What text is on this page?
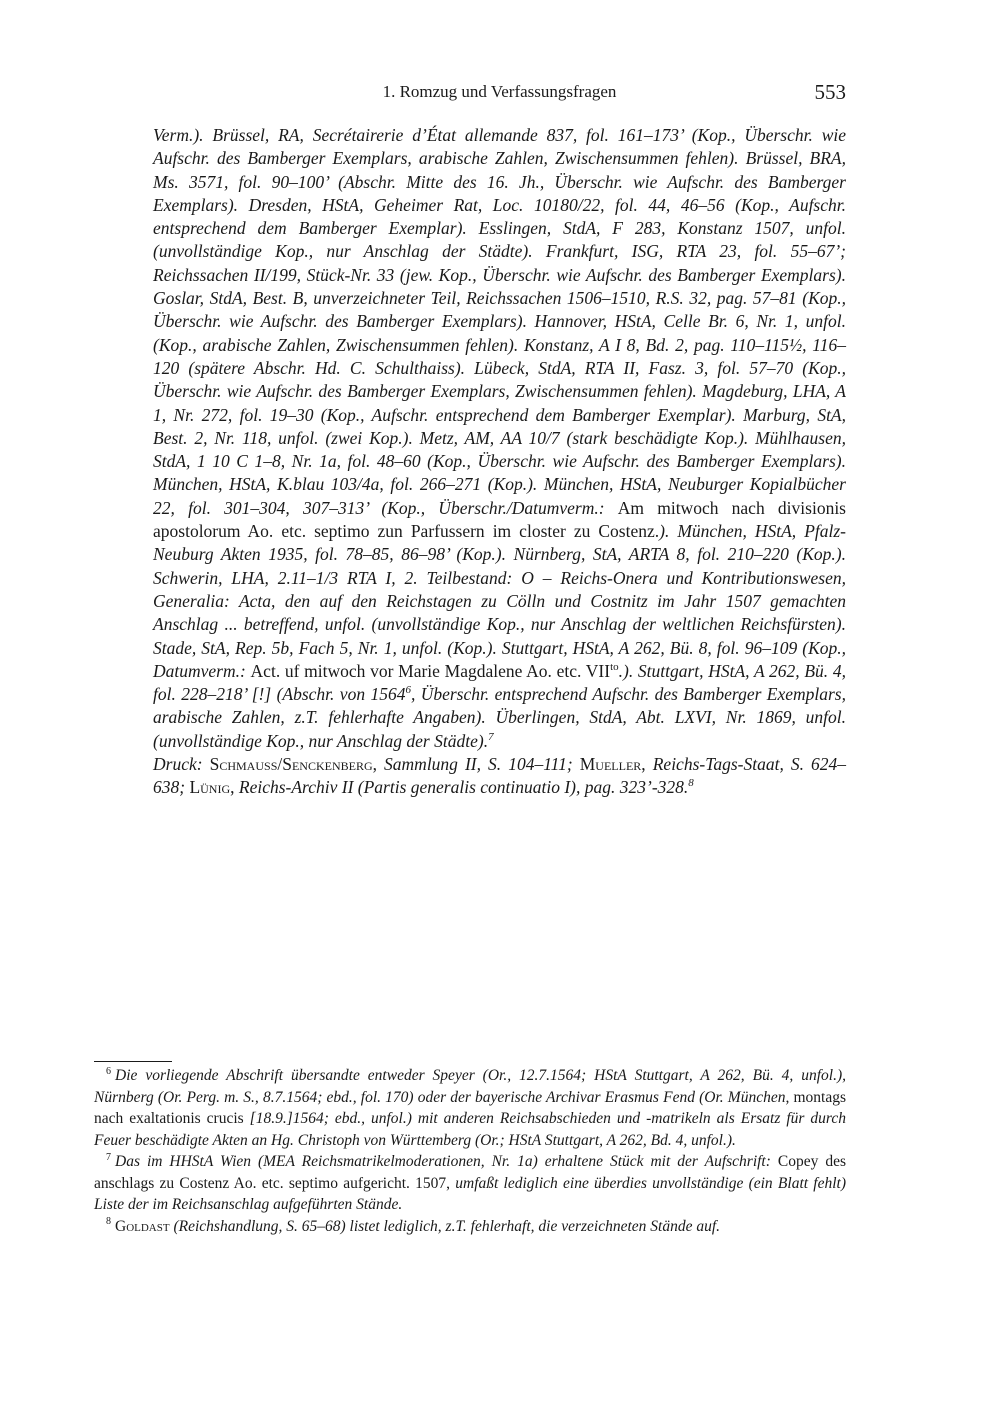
1. Romzug und Verfassungsfragen	553

Verm.). Brüssel, RA, Secrétairerie d’État allemande 837, fol. 161–173’ (Kop., Überschr. wie Aufschr. des Bamberger Exemplars, arabische Zahlen, Zwischensummen fehlen). Brüssel, BRA, Ms. 3571, fol. 90–100’ (Abschr. Mitte des 16. Jh., Überschr. wie Aufschr. des Bamberger Exemplars). Dresden, HStA, Geheimer Rat, Loc. 10180/22, fol. 44, 46–56 (Kop., Aufschr. entsprechend dem Bamberger Exemplar). Esslingen, StdA, F 283, Konstanz 1507, unfol. (unvollständige Kop., nur Anschlag der Städte). Frankfurt, ISG, RTA 23, fol. 55–67’; Reichssachen II/199, Stück-Nr. 33 (jew. Kop., Überschr. wie Aufschr. des Bamberger Exemplars). Goslar, StdA, Best. B, unverzeichneter Teil, Reichssachen 1506–1510, R.S. 32, pag. 57–81 (Kop., Überschr. wie Aufschr. des Bamberger Exemplars). Hannover, HStA, Celle Br. 6, Nr. 1, unfol. (Kop., arabische Zahlen, Zwischensummen fehlen). Konstanz, A I 8, Bd. 2, pag. 110–115½, 116–120 (spätere Abschr. Hd. C. Schulthaiss). Lübeck, StdA, RTA II, Fasz. 3, fol. 57–70 (Kop., Überschr. wie Aufschr. des Bamberger Exemplars, Zwischensummen fehlen). Magdeburg, LHA, A 1, Nr. 272, fol. 19–30 (Kop., Aufschr. entsprechend dem Bamberger Exemplar). Marburg, StA, Best. 2, Nr. 118, unfol. (zwei Kop.). Metz, AM, AA 10/7 (stark beschädigte Kop.). Mühlhausen, StdA, 1 10 C 1–8, Nr. 1a, fol. 48–60 (Kop., Überschr. wie Aufschr. des Bamberger Exemplars). München, HStA, K.blau 103/4a, fol. 266–271 (Kop.). München, HStA, Neuburger Kopialbücher 22, fol. 301–304, 307–313’ (Kop., Überschr./Datumverm.: Am mitwoch nach divisionis apostolorum Ao. etc. septimo zun Parfussern im closter zu Costenz.). München, HStA, Pfalz-Neuburg Akten 1935, fol. 78–85, 86–98’ (Kop.). Nürnberg, StA, ARTA 8, fol. 210–220 (Kop.). Schwerin, LHA, 2.11–1/3 RTA I, 2. Teilbestand: O – Reichs-Onera und Kontributionswesen, Generalia: Acta, den auf den Reichstagen zu Cölln und Costnitz im Jahr 1507 gemachten Anschlag ... betreffend, unfol. (unvollständige Kop., nur Anschlag der weltlichen Reichsfürsten). Stade, StA, Rep. 5b, Fach 5, Nr. 1, unfol. (Kop.). Stuttgart, HStA, A 262, Bü. 8, fol. 96–109 (Kop., Datumverm.: Act. uf mitwoch vor Marie Magdalene Ao. etc. $VII^{to}$.). Stuttgart, HStA, A 262, Bü. 4, fol. 228–218’ [!] (Abschr. von 1564$^6$, Überschr. entsprechend Aufschr. des Bamberger Exemplars, arabische Zahlen, z.T. fehlerhafte Angaben). Überlingen, StdA, Abt. LXVI, Nr. 1869, unfol. (unvollständige Kop., nur Anschlag der Städte).$^7$

Druck: Schmauss/Senckenberg, Sammlung II, S. 104–111; Mueller, Reichs-Tags-Staat, S. 624–638; Lünig, Reichs-Archiv II (Partis generalis continuatio I), pag. 323’-328.$^8$

$^6$ Die vorliegende Abschrift übersandte entweder Speyer (Or., 12.7.1564; HStA Stuttgart, A 262, Bü. 4, unfol.), Nürnberg (Or. Perg. m. S., 8.7.1564; ebd., fol. 170) oder der bayerische Archivar Erasmus Fend (Or. München, montags nach exaltationis crucis [18.9.]1564; ebd., unfol.) mit anderen Reichsabschieden und -matrikeln als Ersatz für durch Feuer beschädigte Akten an Hg. Christoph von Württemberg (Or.; HStA Stuttgart, A 262, Bd. 4, unfol.).

$^7$ Das im HHStA Wien (MEA Reichsmatrikelmoderationen, Nr. 1a) erhaltene Stück mit der Aufschrift: Copey des anschlags zu Costenz Ao. etc. septimo aufgericht. 1507, umfaßt lediglich eine überdies unvollständige (ein Blatt fehlt) Liste der im Reichsanschlag aufgeführten Stände.

$^8$ Goldast (Reichshandlung, S. 65–68) listet lediglich, z.T. fehlerhaft, die verzeichneten Stände auf.
